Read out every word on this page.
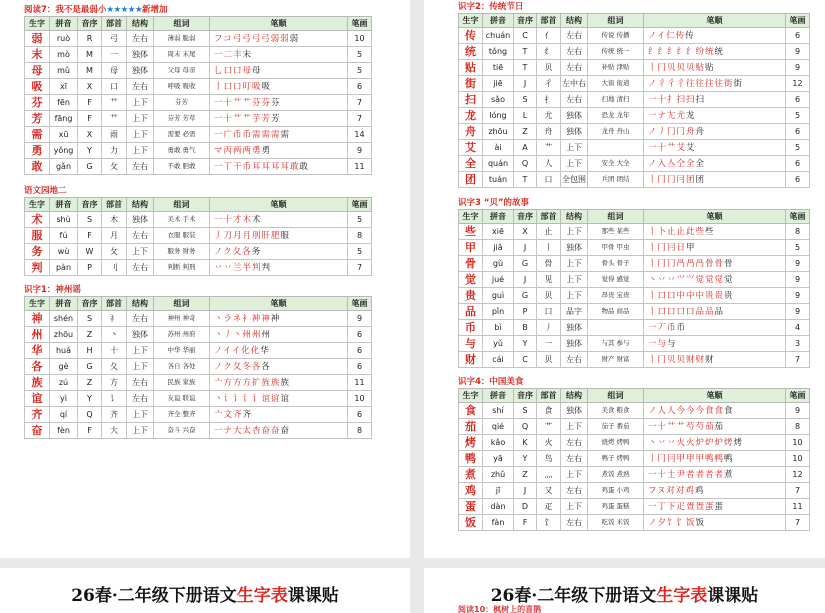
阅读7：我不是最弱小★★★★★新增加
生字	拼音	音序	部首	结构	组词	笔顺	笔画
弱	ruò	R	弓	左右	薄弱 脆弱	フコ弓弓弓弓弱弱弱	10
末	mò	M	一	独体	周末 末尾	一二丰末	5
母	mǔ	M	母	独体	父母 母亲	乚口口母母	5
吸	xī	X	口	左右	呼吸 吸收	丨口口叮吸吸	6
芬	fēn	F	艹	上下	芬芳	一十艹艹芬芬芬	7
芳	fāng	F	艹	上下	芬芳 芳草	一十艹艹芋芳芳	7
需	xū	X	雨	上下	需要 必需	一广币币需需需需	14
勇	yǒng	Y	力	上下	勇敢 勇气	マ丙两两勇勇	9
敢	gǎn	G	攵	左右	不敢 胆敢	一丅干币耳耳耳耳敢敢	11
语文园地二
生字	拼音	音序	部首	结构	组词	笔顺	笔画
术	shù	S	木	独体	美术 手术	一十才木术	5
服	fú	F	月	左右	衣服 服装	丿刀月月刖肝肥服	8
务	wù	W	攵	上下	服务 财务	ノク夂各务	5
判	pàn	P	刂	左右	判断 判刑	丷丷兰半判判	7
识字1：神州谣
生字	拼音	音序	部首	结构	组词	笔顺	笔画
神	shén	S	礻	左右	神州 神奇	丶ラネ衤神神神	9
州	zhōu	Z	丶	独体	苏州 州府	丶丿丶州州州	6
华	huá	H	十	上下	中华 华丽	ノイイ化化华	6
各	gè	G	夂	上下	各自 各处	ノク夂冬各各	6
族	zú	Z	方	左右	民族 家族	亠方方方扩旌族族	11
谊	yì	Y	讠	左右	友谊 联谊	丶讠讠讠讠谊谊谊	10
齐	qí	Q	齐	上下	齐全 整齐	亠文齐齐	6
奋	fèn	F	大	上下	奋斗 兴奋	一ナ大太杏奋奋奋	8
识字2：传统节日
生字	拼音	音序	部首	结构	组词	笔顺	笔画
传	chuán	C	亻	左右	传说 传播	ノイ仁传传	6
统	tǒng	T	纟	左右	传统 统一	纟纟纟纟纟纷统统	9
贴	tiē	T	贝	左右	补贴 津贴	丨冂贝贝贝贴贴	9
街	jiē	J	彳	左中右	大街 街道	ノ彳彳彳往往往往街街	12
扫	sǎo	S	扌	左右	扫地 清扫	一十扌扫扫扫	6
龙	lóng	L	尤	独体	恐龙 龙年	一ナ尢尤龙	5
舟	zhōu	Z	舟	独体	龙舟 舟山	ノ丿冂冂舟舟	6
艾	ài	A	艹	上下		一十艹艾艾	5
全	quán	Q	人	上下	安全 大全	ノ入亼仝全全	6
团	tuán	T	口	全包围	兵团 团结	丨冂冂冃团团	6
识字3 “贝”的故事
生字	拼音	音序	部首	结构	组词	笔顺	笔画
些	xiē	X	止	上下	那些 某些	丨卜止止此些些	8
甲	jiǎ	J	丨	独体	甲骨 甲虫	丨冂冃日甲	5
骨	gǔ	G	骨	上下	骨头 骨子	丨冂冂冎冎冎骨骨骨	9
觉	jué	J	见	上下	觉得 感觉	丶丷丷⺍⺍觉觉觉觉	9
贵	guì	G	贝	上下	昂贵 宝贵	丨口口中中中贵贵贵	9
品	pǐn	P	口	品字	物品 商品	丨口口口口品品品	9
币	bì	B	丿	独体		一丆币币	4
与	yǔ	Y	一	独体	与其 参与	一与与	3
财	cái	C	贝	左右	财产 财富	丨冂贝贝财财财	7
识字4：中国美食
生字	拼音	音序	部首	结构	组词	笔顺	笔画
食	shí	S	食	独体	美食 粮食	ノ人人今今今食食食	9
茄	qié	Q	艹	上下	茄子 番茄	一十艹艹芍芍茄茄	8
烤	kǎo	K	火	左右	烧烤 烤鸭	丶丷丷火火炉炉炉烤烤	10
鸭	yā	Y	鸟	左右	鸭子 烤鸭	丨冂冃甲甲甲鸭鸭鸭	10
煮	zhǔ	Z	灬	上下	煮饭 煮熟	一十土尹者者者者煮	12
鸡	jī	J	又	左右	鸡蛋 小鸡	フヌ对对鸡鸡	7
蛋	dàn	D	疋	上下	鸡蛋 蛋糕	一丁下疋疍疍蛋蛋	11
饭	fàn	F	饣	左右	吃饭 米饭	ノ夕饣饣饭饭	7
26春·二年级下册语文生字表课课贴	26春·二年级下册语文生字表课课贴
阅读10：枫树上的喜鹊
